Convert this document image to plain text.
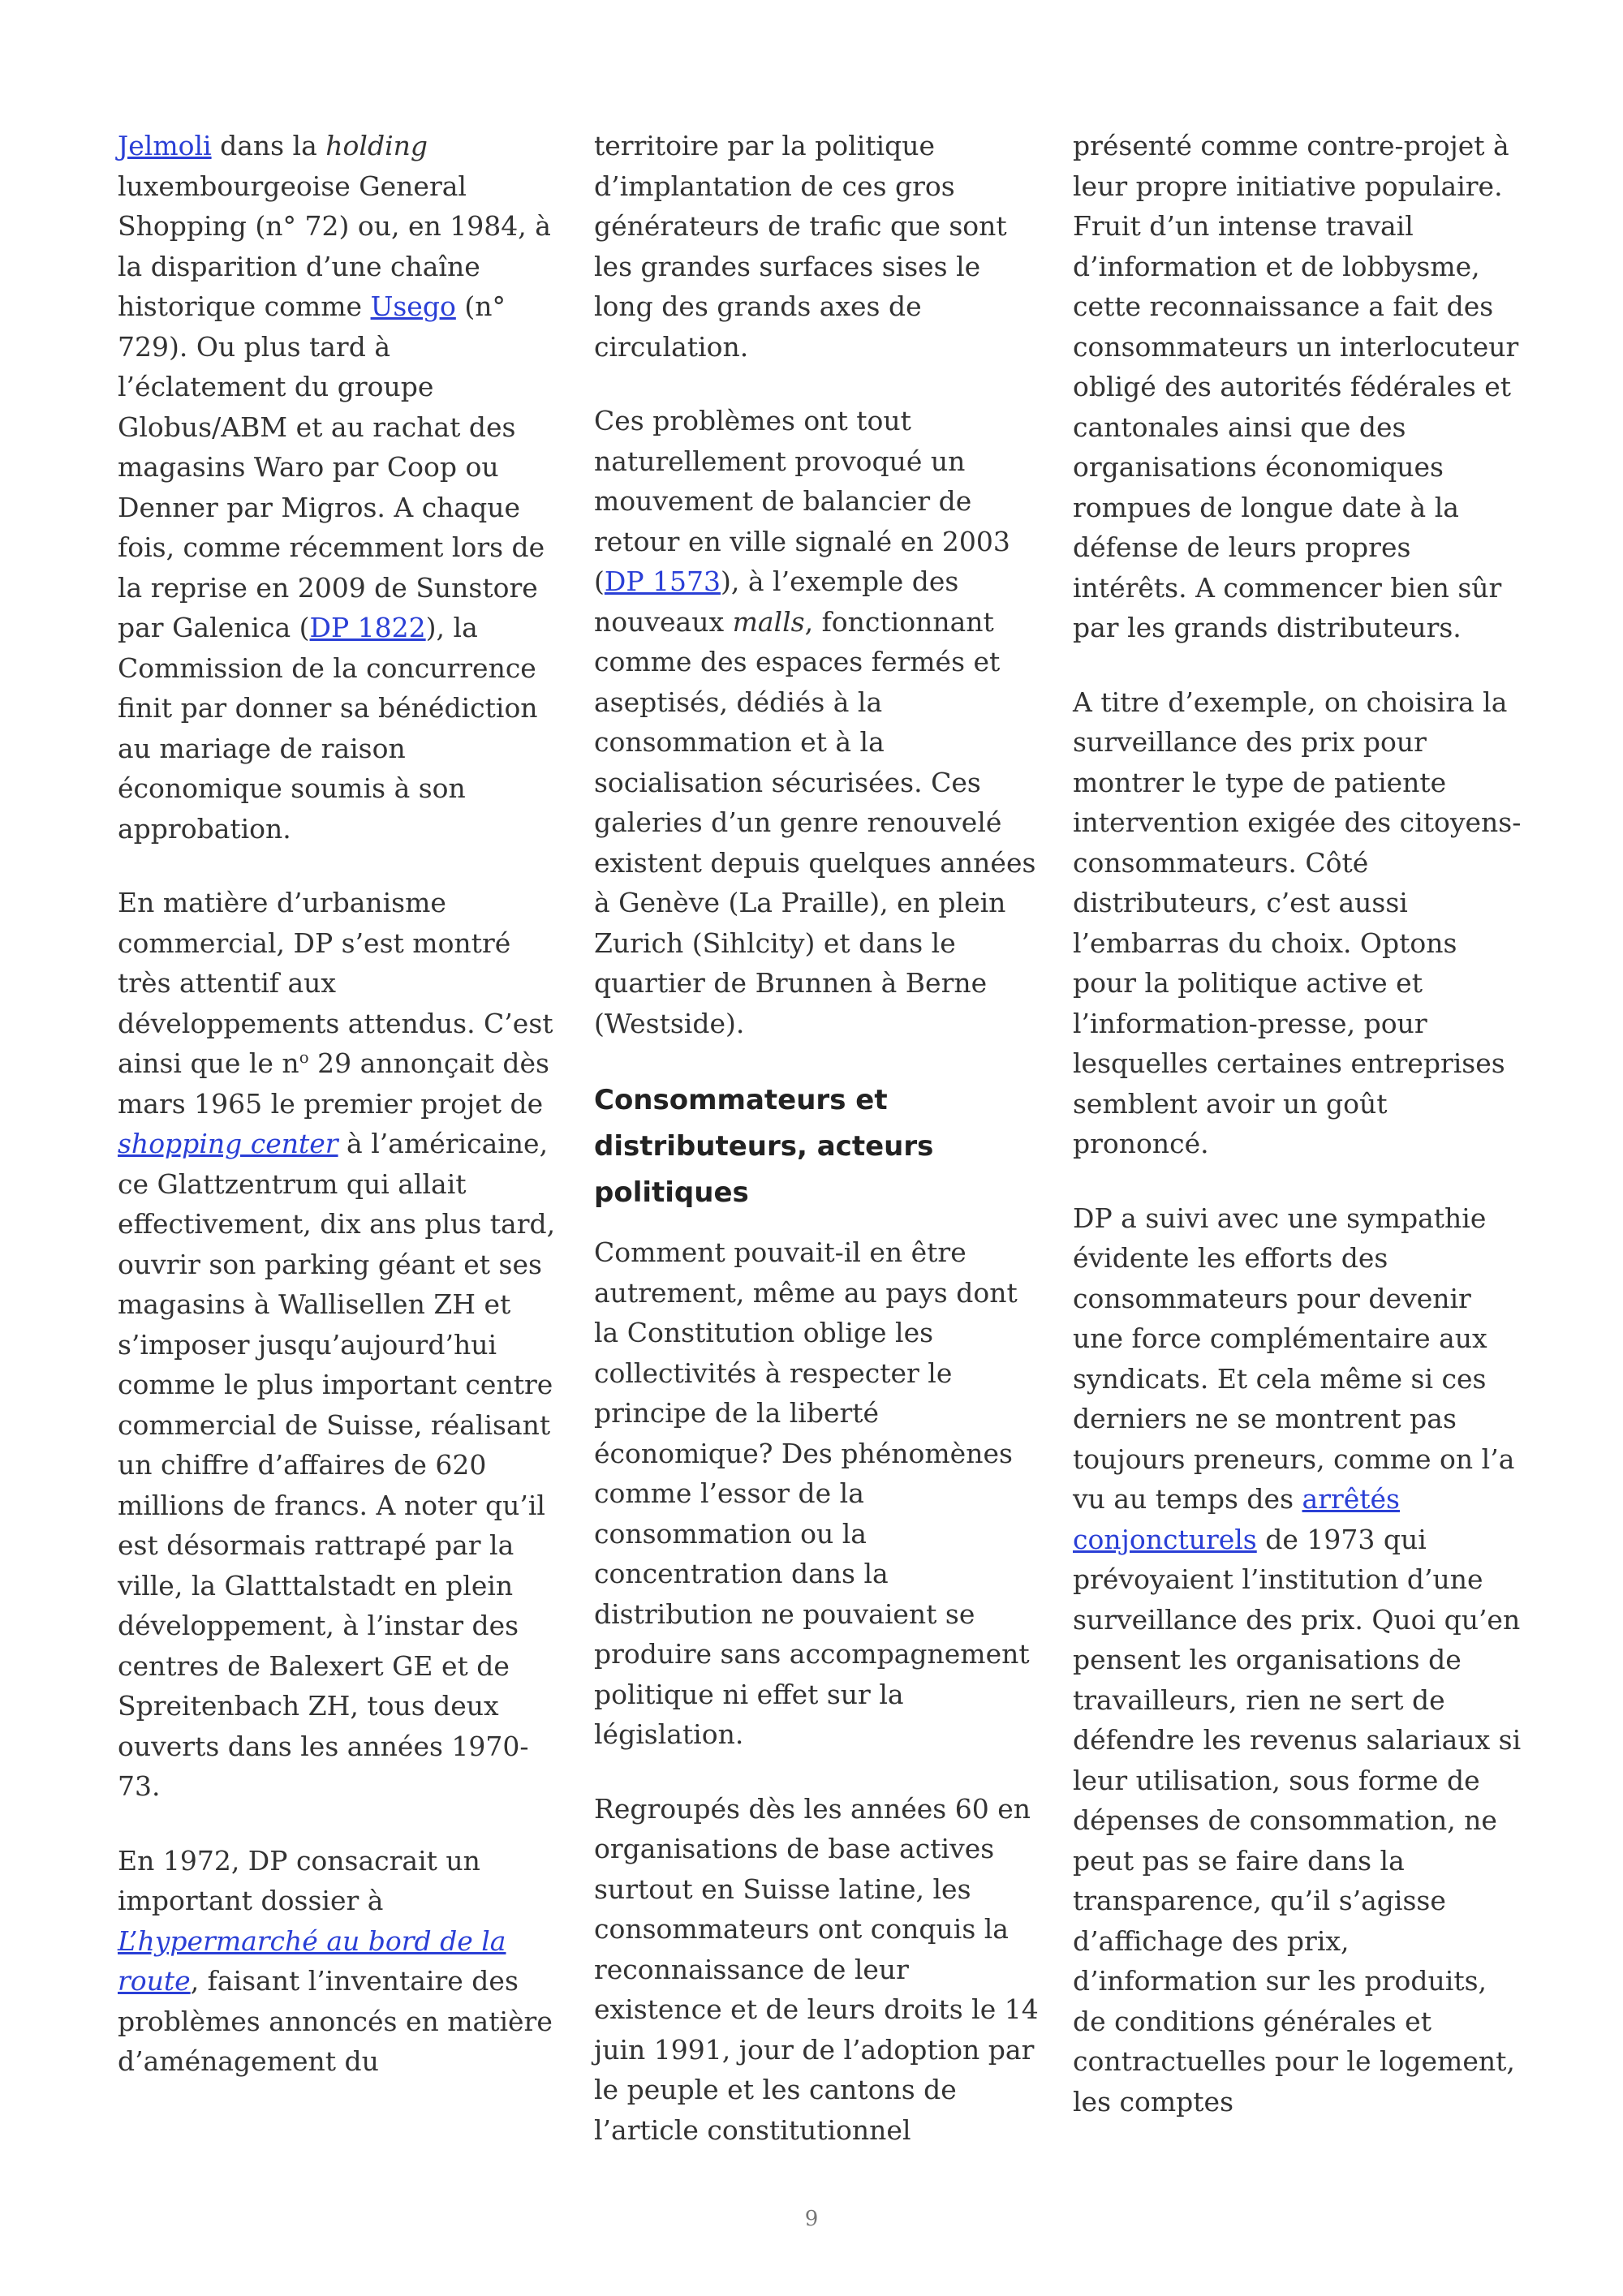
Jelmoli dans la holding luxembourgeoise General Shopping (n° 72) ou, en 1984, à la disparition d’une chaîne historique comme Usego (n° 729). Ou plus tard à l’éclatement du groupe Globus/ABM et au rachat des magasins Waro par Coop ou Denner par Migros. A chaque fois, comme récemment lors de la reprise en 2009 de Sunstore par Galenica (DP 1822), la Commission de la concurrence finit par donner sa bénédiction au mariage de raison économique soumis à son approbation.

En matière d’urbanisme commercial, DP s’est montré très attentif aux développements attendus. C’est ainsi que le $n^o$ 29 annonçait dès mars 1965 le premier projet de shopping center à l’américaine, ce Glattzentrum qui allait effectivement, dix ans plus tard, ouvrir son parking géant et ses magasins à Wallisellen ZH et s’imposer jusqu’aujourd’hui comme le plus important centre commercial de Suisse, réalisant un chiffre d’affaires de 620 millions de francs. A noter qu’il est désormais rattrapé par la ville, la Glatttalstadt en plein développement, à l’instar des centres de Balexert GE et de Spreitenbach ZH, tous deux ouverts dans les années 1970-73.

En 1972, DP consacrait un important dossier à L’hypermarché au bord de la route, faisant l’inventaire des problèmes annoncés en matière d’aménagement du

territoire par la politique d’implantation de ces gros générateurs de trafic que sont les grandes surfaces sises le long des grands axes de circulation.

Ces problèmes ont tout naturellement provoqué un mouvement de balancier de retour en ville signalé en 2003 (DP 1573), à l’exemple des nouveaux malls, fonctionnant comme des espaces fermés et aseptisés, dédiés à la consommation et à la socialisation sécurisées. Ces galeries d’un genre renouvelé existent depuis quelques années à Genève (La Praille), en plein Zurich (Sihlcity) et dans le quartier de Brunnen à Berne (Westside).

Consommateurs et distributeurs, acteurs politiques

Comment pouvait-il en être autrement, même au pays dont la Constitution oblige les collectivités à respecter le principe de la liberté économique? Des phénomènes comme l’essor de la consommation ou la concentration dans la distribution ne pouvaient se produire sans accompagnement politique ni effet sur la législation.

Regroupés dès les années 60 en organisations de base actives surtout en Suisse latine, les consommateurs ont conquis la reconnaissance de leur existence et de leurs droits le 14 juin 1991, jour de l’adoption par le peuple et les cantons de l’article constitutionnel

présenté comme contre-projet à leur propre initiative populaire. Fruit d’un intense travail d’information et de lobbysme, cette reconnaissance a fait des consommateurs un interlocuteur obligé des autorités fédérales et cantonales ainsi que des organisations économiques rompues de longue date à la défense de leurs propres intérêts. A commencer bien sûr par les grands distributeurs.

A titre d’exemple, on choisira la surveillance des prix pour montrer le type de patiente intervention exigée des citoyens-consommateurs. Côté distributeurs, c’est aussi l’embarras du choix. Optons pour la politique active et l’information-presse, pour lesquelles certaines entreprises semblent avoir un goût prononcé.

DP a suivi avec une sympathie évidente les efforts des consommateurs pour devenir une force complémentaire aux syndicats. Et cela même si ces derniers ne se montrent pas toujours preneurs, comme on l’a vu au temps des arrêtés conjoncturels de 1973 qui prévoyaient l’institution d’une surveillance des prix. Quoi qu’en pensent les organisations de travailleurs, rien ne sert de défendre les revenus salariaux si leur utilisation, sous forme de dépenses de consommation, ne peut pas se faire dans la transparence, qu’il s’agisse d’affichage des prix, d’information sur les produits, de conditions générales et contractuelles pour le logement, les comptes

9
